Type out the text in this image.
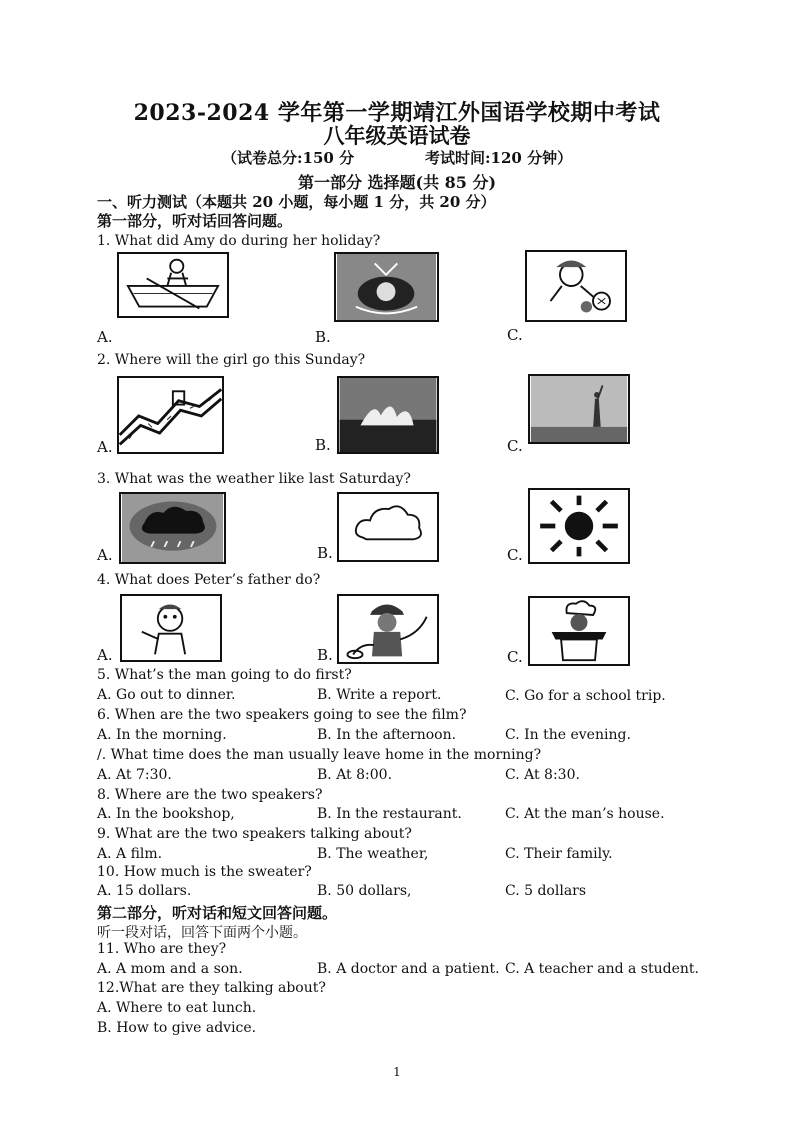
2023-2024 学年第一学期靖江外国语学校期中考试
八年级英语试卷
（试卷总分:150 分	考试时间:120 分钟）
第一部分 选择题(共 85 分)
一、听力测试（本题共 20 小题，每小题 1 分，共 20 分）
第一部分，听对话回答问题。
1. What did Amy do during her holiday?
A.	B.	C.
2. Where will the girl go this Sunday?
A.	B.	C.
3. What was the weather like last Saturday?
A.	B.	C.
4. What does Peter’s father do?
A.	B.	C.
5. What’s the man going to do first?
A. Go out to dinner.	B. Write a report.	C. Go for a school trip.
6. When are the two speakers going to see the film?
A. In the morning.	B. In the afternoon.	C. In the evening.
/. What time does the man usually leave home in the morning?
A. At 7:30.	B. At 8:00.	C. At 8:30.
8. Where are the two speakers?
A. In the bookshop,	B. In the restaurant.	C. At the man’s house.
9. What are the two speakers talking about?
A. A film.	B. The weather,	C. Their family.
10. How much is the sweater?
A. 15 dollars.	B. 50 dollars,	C. 5 dollars
第二部分，听对话和短文回答问题。
听一段对话，回答下面两个小题。
11. Who are they?
A. A mom and a son.	B. A doctor and a patient. C. A teacher and a student.
12.What are they talking about?
A. Where to eat lunch.
B. How to give advice.
1
